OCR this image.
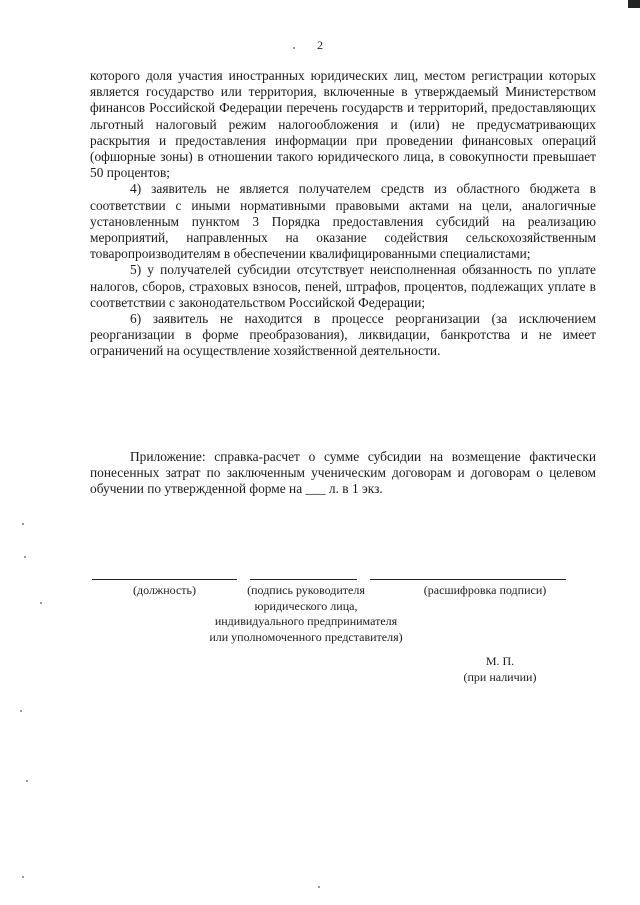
2

которого доля участия иностранных юридических лиц, местом регистрации которых является государство или территория, включенные в утверждаемый Министерством финансов Российской Федерации перечень государств и территорий, предоставляющих льготный налоговый режим налогообложения и (или) не предусматривающих раскрытия и предоставления информации при проведении финансовых операций (офшорные зоны) в отношении такого юридического лица, в совокупности превышает 50 процентов;

4) заявитель не является получателем средств из областного бюджета в соответствии с иными нормативными правовыми актами на цели, аналогичные установленным пунктом 3 Порядка предоставления субсидий на реализацию мероприятий, направленных на оказание содействия сельскохозяйственным товаропроизводителям в обеспечении квалифицированными специалистами;

5) у получателей субсидии отсутствует неисполненная обязанность по уплате налогов, сборов, страховых взносов, пеней, штрафов, процентов, подлежащих уплате в соответствии с законодательством Российской Федерации;

6) заявитель не находится в процессе реорганизации (за исключением реорганизации в форме преобразования), ликвидации, банкротства и не имеет ограничений на осуществление хозяйственной деятельности.

Приложение: справка-расчет о сумме субсидии на возмещение фактически понесенных затрат по заключенным ученическим договорам и договорам о целевом обучении по утвержденной форме на ___ л. в 1 экз.

(должность)	(подпись руководителя
юридического лица,
индивидуального предпринимателя
или уполномоченного представителя)
(расшифровка подписи)
М. П.
(при наличии)
